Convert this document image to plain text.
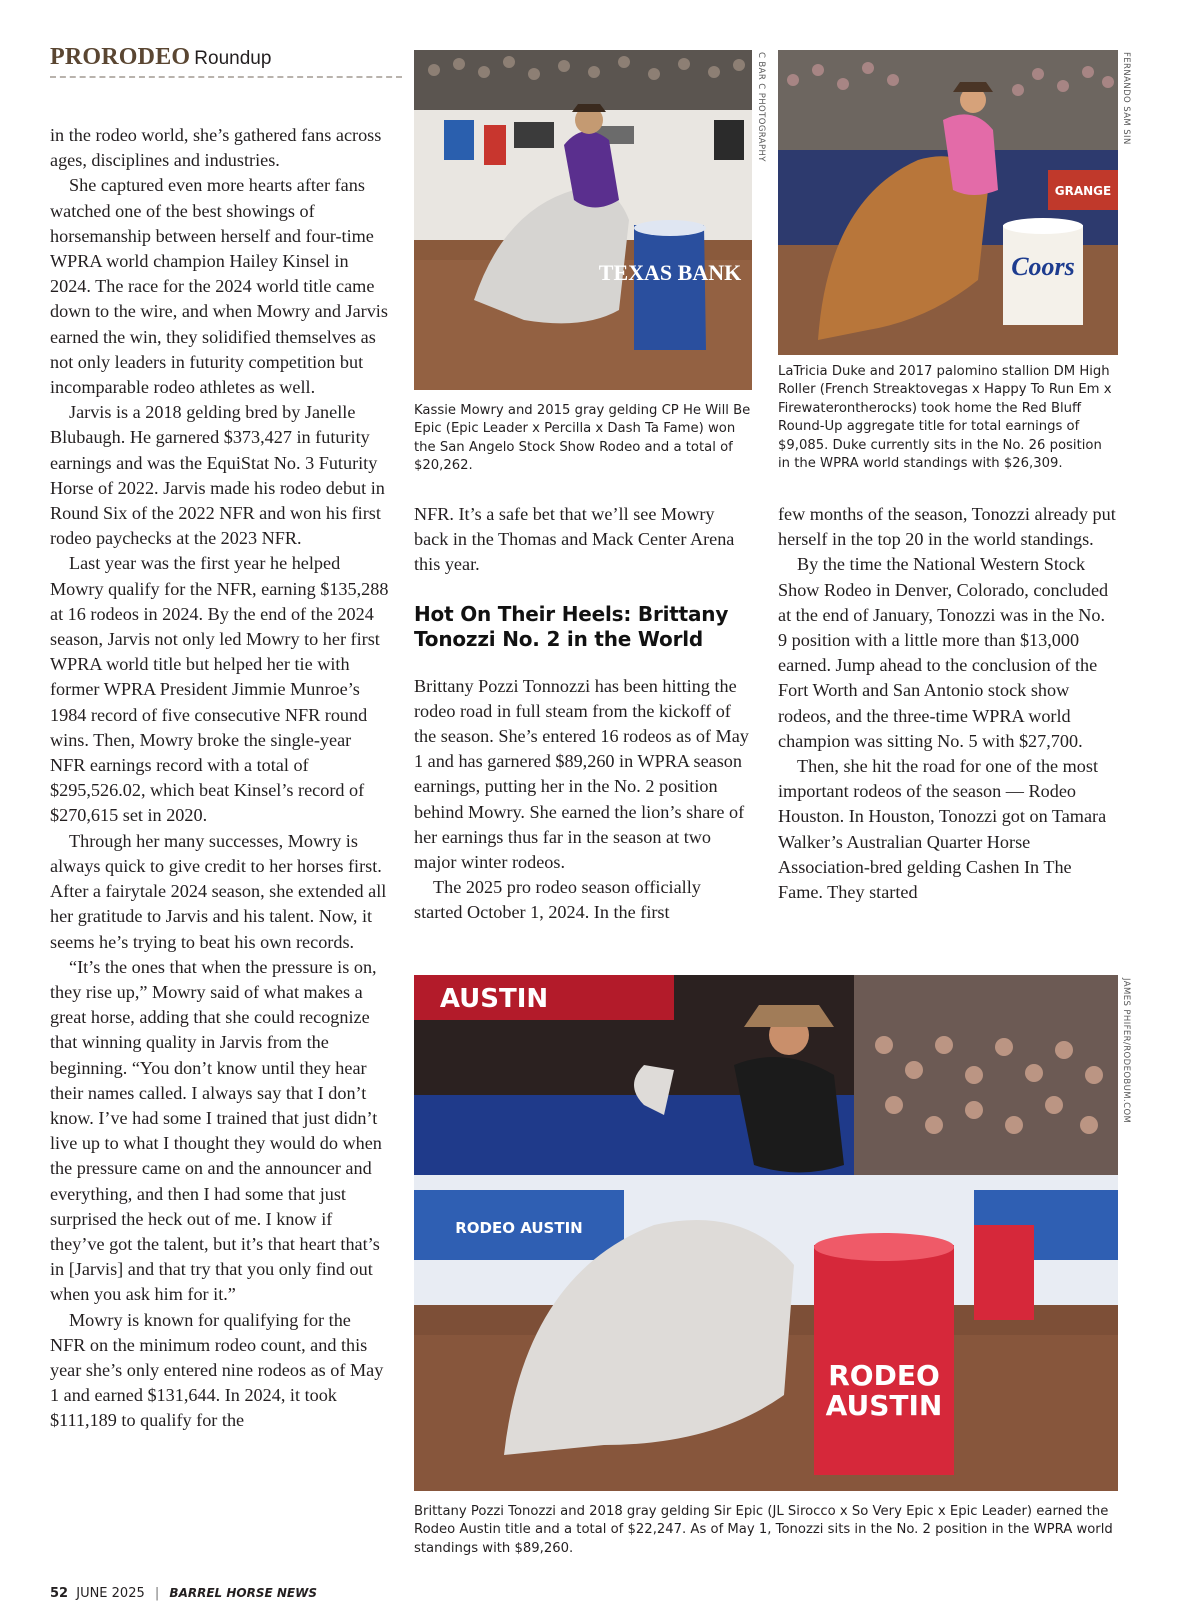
PRORODEO Roundup

in the rodeo world, she’s gathered fans across ages, disciplines and industries.

She captured even more hearts after fans watched one of the best showings of horsemanship between herself and four-time WPRA world champion Hailey Kinsel in 2024. The race for the 2024 world title came down to the wire, and when Mowry and Jarvis earned the win, they solidified themselves as not only leaders in futurity competition but incomparable rodeo athletes as well.

Jarvis is a 2018 gelding bred by Janelle Blubaugh. He garnered $373,427 in futurity earnings and was the EquiStat No. 3 Futurity Horse of 2022. Jarvis made his rodeo debut in Round Six of the 2022 NFR and won his first rodeo paychecks at the 2023 NFR.

Last year was the first year he helped Mowry qualify for the NFR, earning $135,288 at 16 rodeos in 2024. By the end of the 2024 season, Jarvis not only led Mowry to her first WPRA world title but helped her tie with former WPRA President Jimmie Munroe’s 1984 record of five consecutive NFR round wins. Then, Mowry broke the single-year NFR earnings record with a total of $295,526.02, which beat Kinsel’s record of $270,615 set in 2020.

Through her many successes, Mowry is always quick to give credit to her horses first. After a fairytale 2024 season, she extended all her gratitude to Jarvis and his talent. Now, it seems he’s trying to beat his own records.

“It’s the ones that when the pressure is on, they rise up,” Mowry said of what makes a great horse, adding that she could recognize that winning quality in Jarvis from the beginning. “You don’t know until they hear their names called. I always say that I don’t know. I’ve had some I trained that just didn’t live up to what I thought they would do when the pressure came on and the announcer and everything, and then I had some that just surprised the heck out of me. I know if they’ve got the talent, but it’s that heart that’s in [Jarvis] and that try that you only find out when you ask him for it.”

Mowry is known for qualifying for the NFR on the minimum rodeo count, and this year she’s only entered nine rodeos as of May 1 and earned $131,644. In 2024, it took $111,189 to qualify for the

TEXAS BANK
C BAR C PHOTOGRAPHY
Kassie Mowry and 2015 gray gelding CP He Will Be Epic (Epic Leader x Percilla x Dash Ta Fame) won the San Angelo Stock Show Rodeo and a total of $20,262.
GRANGE
Coors
FERNANDO SAM SIN
LaTricia Duke and 2017 palomino stallion DM High Roller (French Streaktovegas x Happy To Run Em x Firewaterontherocks) took home the Red Bluff Round-Up aggregate title for total earnings of $9,085. Duke currently sits in the No. 26 position in the WPRA world standings with $26,309.

NFR. It’s a safe bet that we’ll see Mowry back in the Thomas and Mack Center Arena this year.

Hot On Their Heels: Brittany Tonozzi No. 2 in the World

Brittany Pozzi Tonnozzi has been hitting the rodeo road in full steam from the kickoff of the season. She’s entered 16 rodeos as of May 1 and has garnered $89,260 in WPRA season earnings, putting her in the No. 2 position behind Mowry. She earned the lion’s share of her earnings thus far in the season at two major winter rodeos.

The 2025 pro rodeo season officially started October 1, 2024. In the first

few months of the season, Tonozzi already put herself in the top 20 in the world standings.

By the time the National Western Stock Show Rodeo in Denver, Colorado, concluded at the end of January, Tonozzi was in the No. 9 position with a little more than $13,000 earned. Jump ahead to the conclusion of the Fort Worth and San Antonio stock show rodeos, and the three-time WPRA world champion was sitting No. 5 with $27,700.

Then, she hit the road for one of the most important rodeos of the season — Rodeo Houston. In Houston, Tonozzi got on Tamara Walker’s Australian Quarter Horse Association-bred gelding Cashen In The Fame. They started

AUSTIN
RODEO AUSTIN
RODEO
AUSTIN
JAMES PHIFER/RODEOBUM.COM
Brittany Pozzi Tonozzi and 2018 gray gelding Sir Epic (JL Sirocco x So Very Epic x Epic Leader) earned the Rodeo Austin title and a total of $22,247. As of May 1, Tonozzi sits in the No. 2 position in the WPRA world standings with $89,260.
52 JUNE 2025 | BARREL HORSE NEWS
